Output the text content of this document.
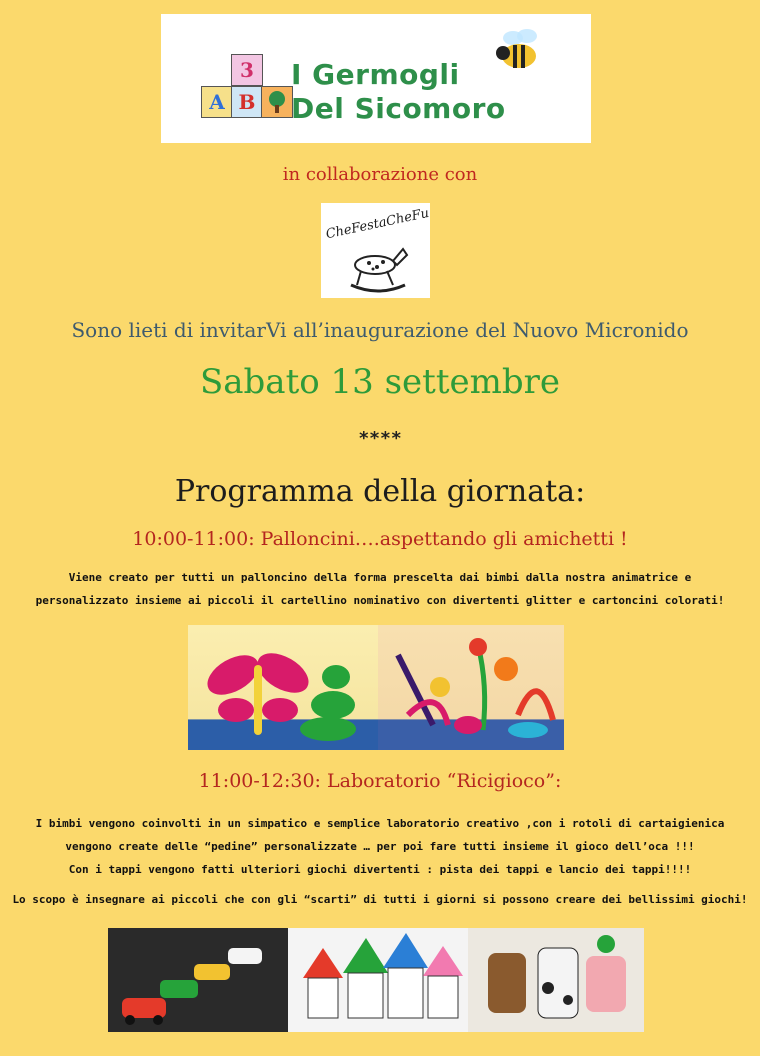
3
A B
I Germogli
Del Sicomoro
in collaborazione con
CheFestaCheFu
Sono lieti di invitarVi all’inaugurazione del Nuovo Micronido
Sabato 13 settembre
****
Programma della giornata:
10:00-11:00: Palloncini….aspettando gli amichetti !
Viene creato per tutti un palloncino della forma prescelta dai bimbi dalla nostra animatrice e
personalizzato insieme ai piccoli il cartellino nominativo con divertenti glitter e cartoncini colorati!
11:00-12:30: Laboratorio “Ricigioco”:
I bimbi vengono coinvolti in un simpatico e semplice laboratorio creativo ,con i rotoli di cartaigienica
vengono create delle “pedine” personalizzate … per poi fare tutti insieme il gioco dell’oca !!!
Con i tappi vengono fatti ulteriori giochi divertenti : pista dei tappi e lancio dei tappi!!!!
Lo scopo è insegnare ai piccoli che con gli “scarti” di tutti i giorni si possono creare dei bellissimi giochi!
